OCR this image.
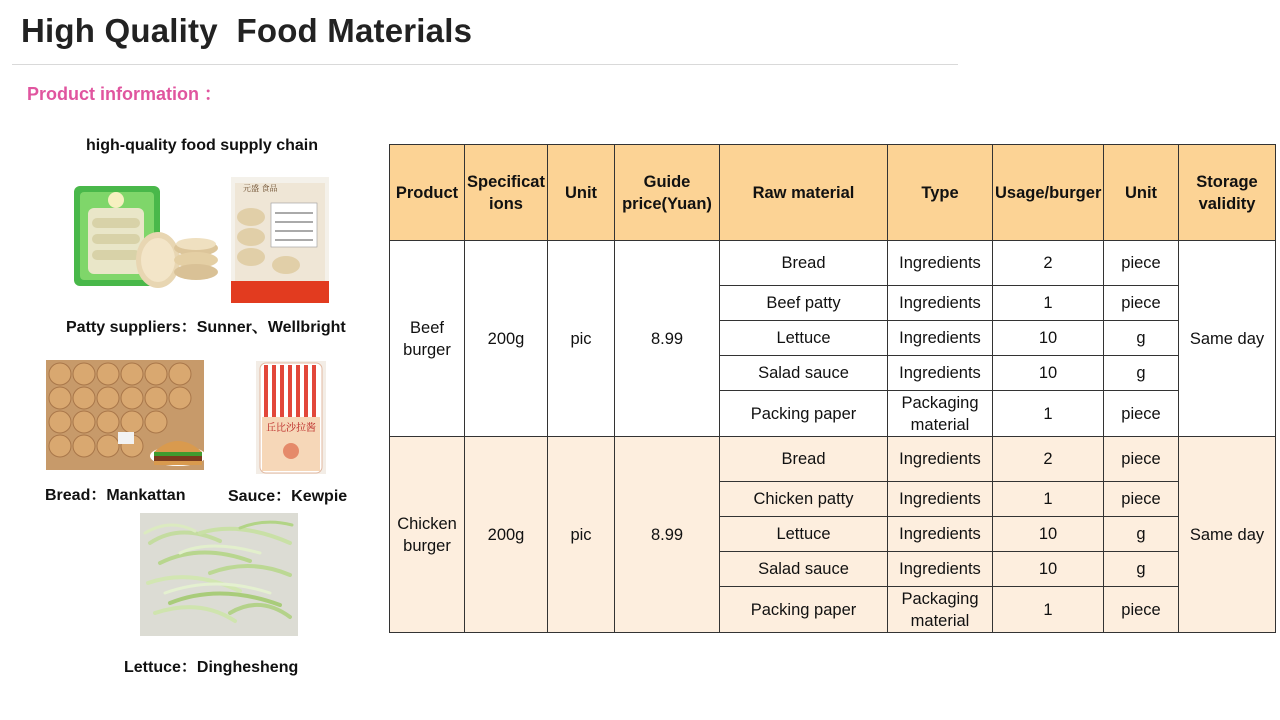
High Quality  Food Materials
Product information ：
high-quality food supply chain
元盛 食品
Patty suppliers：Sunner、Wellbright
丘比沙拉酱
Bread：Mankattan	Sauce：Kewpie
Lettuce：Dinghesheng
Product	Specifications	Unit	Guide price(Yuan)	Raw material	Type	Usage/burger	Unit	Storage validity
Beef burger	200g	pic	8.99	Bread	Ingredients	2	piece	Same day
				Beef patty	Ingredients	1	piece	
				Lettuce	Ingredients	10	g	
				Salad sauce	Ingredients	10	g	
				Packing paper	Packaging material	1	piece	
Chicken burger	200g	pic	8.99	Bread	Ingredients	2	piece	Same day
				Chicken patty	Ingredients	1	piece	
				Lettuce	Ingredients	10	g	
				Salad sauce	Ingredients	10	g	
				Packing paper	Packaging material	1	piece	
